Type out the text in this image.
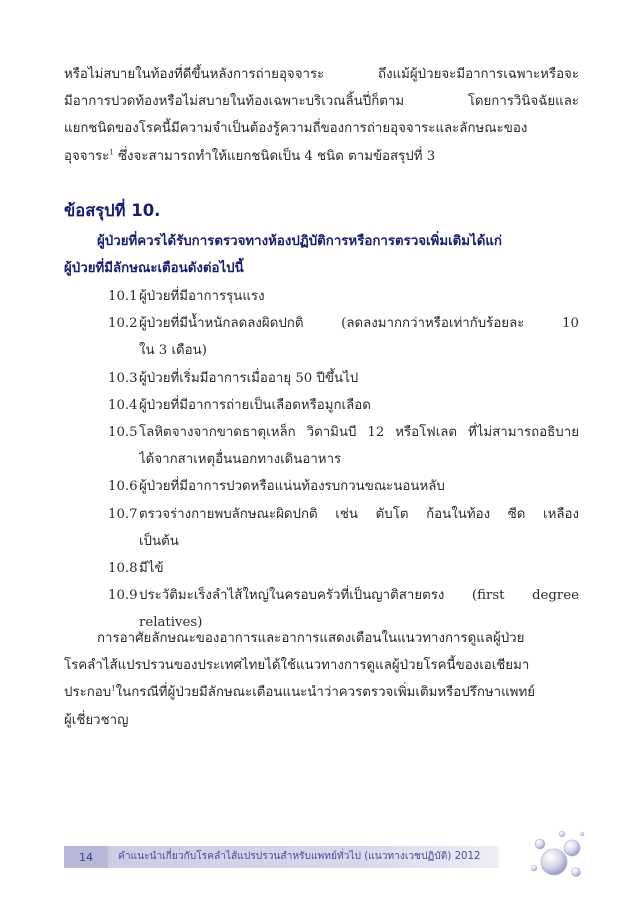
หรือไม่สบายในท้องที่ดีขึ้นหลังการถ่ายอุจจาระ ถึงแม้ผู้ป่วยจะมีอาการเฉพาะหรือจะ
มีอาการปวดท้องหรือไม่สบายในท้องเฉพาะบริเวณลิ้นปี่ก็ตาม โดยการวินิจฉัยและ
แยกชนิดของโรคนี้มีความจำเป็นต้องรู้ความถี่ของการถ่ายอุจจาระและลักษณะของ
อุจจาระ$^1$ ซึ่งจะสามารถทำให้แยกชนิดเป็น 4 ชนิด ตามข้อสรุปที่ 3
ข้อสรุปที่ 10.
ผู้ป่วยที่ควรได้รับการตรวจทางห้องปฏิบัติการหรือการตรวจเพิ่มเติมได้แก่
ผู้ป่วยที่มีลักษณะเตือนดังต่อไปนี้
10.1 ผู้ป่วยที่มีอาการรุนแรง
10.2 ผู้ป่วยที่มีน้ำหนักลดลงผิดปกติ (ลดลงมากกว่าหรือเท่ากับร้อยละ 10
ใน 3 เดือน)
10.3 ผู้ป่วยที่เริ่มมีอาการเมื่ออายุ 50 ปีขึ้นไป
10.4 ผู้ป่วยที่มีอาการถ่ายเป็นเลือดหรือมูกเลือด
10.5 โลหิตจางจากขาดธาตุเหล็ก วิตามินบี 12 หรือโฟเลต ที่ไม่สามารถอธิบาย
ได้จากสาเหตุอื่นนอกทางเดินอาหาร
10.6 ผู้ป่วยที่มีอาการปวดหรือแน่นท้องรบกวนขณะนอนหลับ
10.7 ตรวจร่างกายพบลักษณะผิดปกติ เช่น ตับโต ก้อนในท้อง ซีด เหลือง
เป็นต้น
10.8 มีไข้
10.9 ประวัติมะเร็งลำไส้ใหญ่ในครอบครัวที่เป็นญาติสายตรง (first degree
relatives)
การอาศัยลักษณะของอาการและอาการแสดงเตือนในแนวทางการดูแลผู้ป่วย
โรคลำไส้แปรปรวนของประเทศไทยได้ใช้แนวทางการดูแลผู้ป่วยโรคนี้ของเอเชียมา
ประกอบ$^1$ในกรณีที่ผู้ป่วยมีลักษณะเตือนแนะนำว่าควรตรวจเพิ่มเติมหรือปรึกษาแพทย์
ผู้เชี่ยวชาญ
14	คำแนะนำเกี่ยวกับโรคลำไส้แปรปรวนสำหรับแพทย์ทั่วไป (แนวทางเวชปฏิบัติ) 2012
